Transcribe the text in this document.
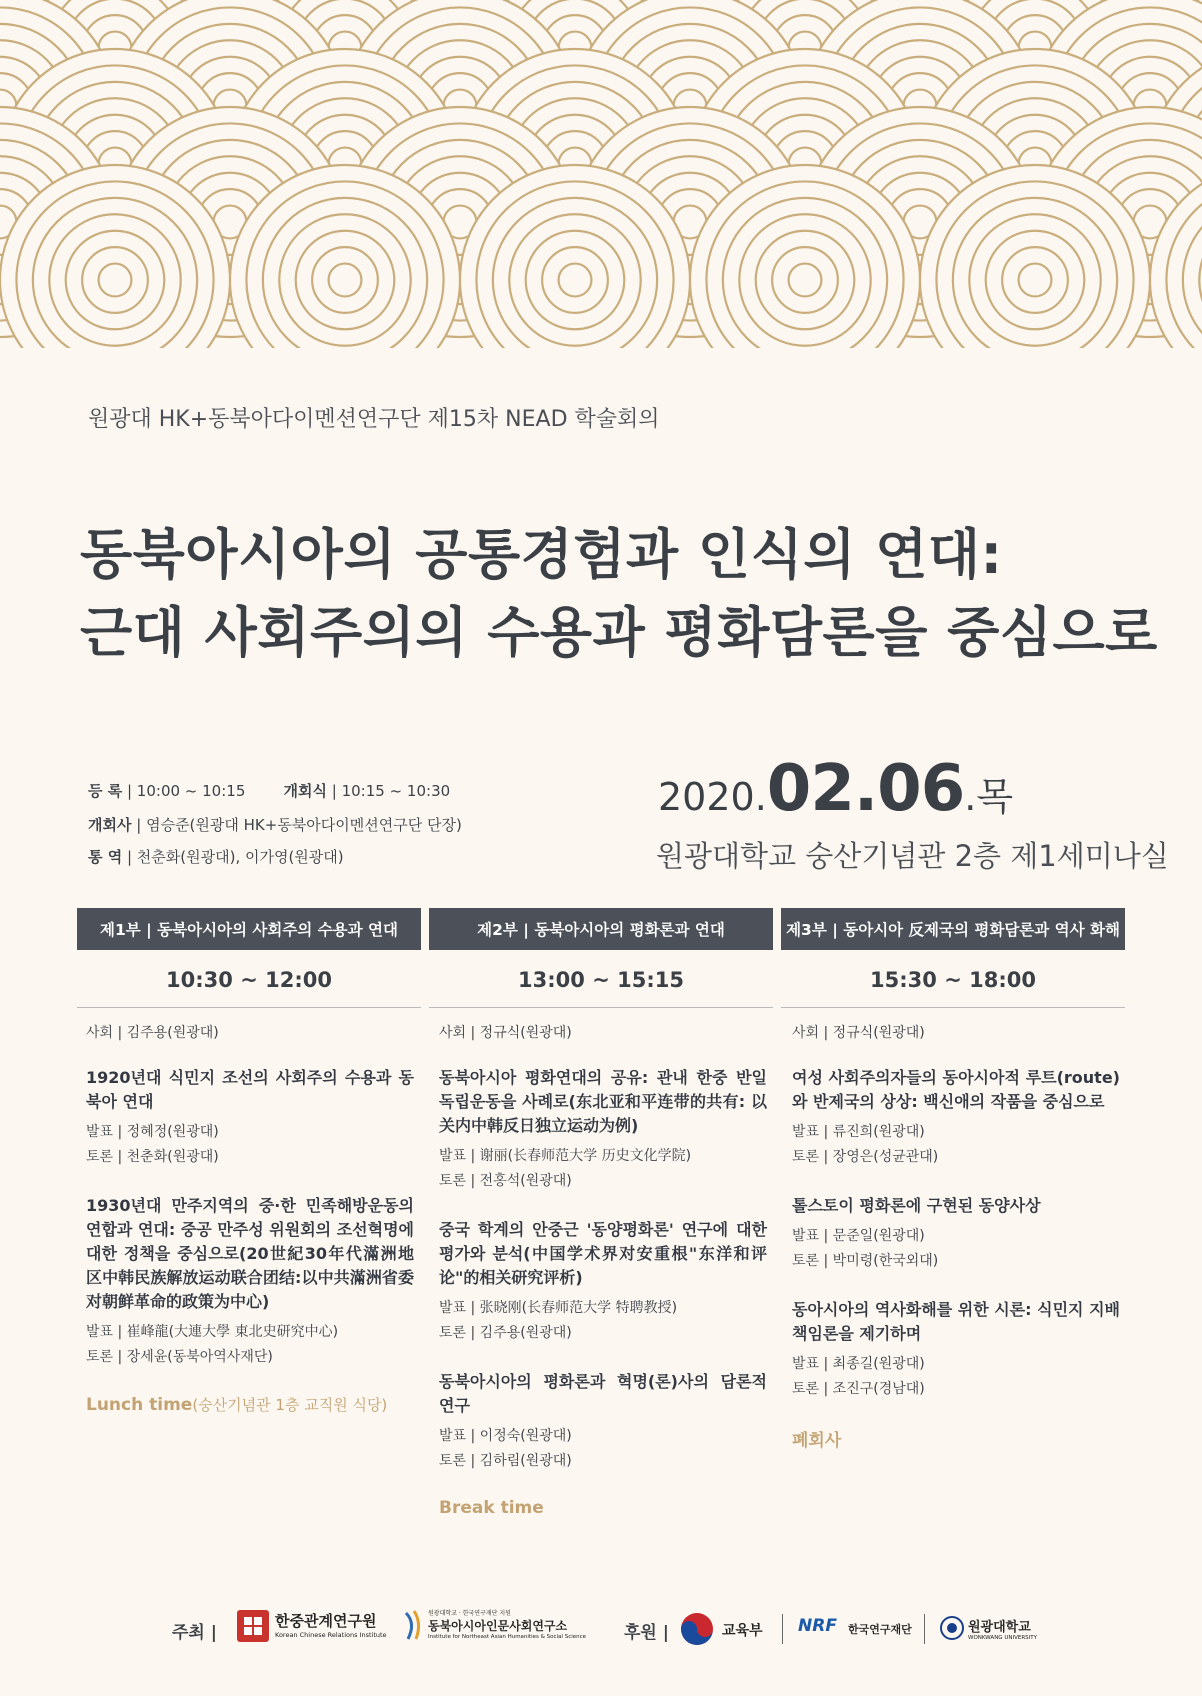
원광대 HK+동북아다이멘션연구단 제15차 NEAD 학술회의
동북아시아의 공통경험과 인식의 연대:
근대 사회주의의 수용과 평화담론을 중심으로
등 록 | 10:00 ~ 10:15	개회식 | 10:15 ~ 10:30
개회사 | 염승준(원광대 HK+동북아다이멘션연구단 단장)
통 역 | 천춘화(원광대), 이가영(원광대)
2020.02.06.목
원광대학교 숭산기념관 2층 제1세미나실
제1부 | 동북아시아의 사회주의 수용과 연대	제2부 | 동북아시아의 평화론과 연대	제3부 | 동아시아 反제국의 평화담론과 역사 화해
10:30 ~ 12:00	13:00 ~ 15:15	15:30 ~ 18:00
사회 | 김주용(원광대)
1920년대 식민지 조선의 사회주의 수용과 동북아 연대
발표 | 정혜정(원광대)
토론 | 천춘화(원광대)
1930년대 만주지역의 중·한 민족해방운동의 연합과 연대: 중공 만주성 위원회의 조선혁명에 대한 정책을 중심으로(20世紀30年代滿洲地区中韩民族解放运动联合团结:以中共滿洲省委对朝鲜革命的政策为中心)
발표 | 崔峰龍(大連大學 東北史研究中心)
토론 | 장세윤(동북아역사재단)
Lunch time(숭산기념관 1층 교직원 식당)
사회 | 정규식(원광대)
동북아시아 평화연대의 공유: 관내 한중 반일 독립운동을 사례로(东北亚和平连带的共有: 以关内中韩反日独立运动为例)
발표 | 谢丽(长春师范大学 历史文化学院)
토론 | 전홍석(원광대)
중국 학계의 안중근 '동양평화론' 연구에 대한 평가와 분석(中国学术界对安重根"东洋和评论"的相关研究评析)
발표 | 张晓刚(长春师范大学 特聘教授)
토론 | 김주용(원광대)
동북아시아의 평화론과 혁명(론)사의 담론적 연구
발표 | 이정숙(원광대)
토론 | 김하림(원광대)
Break time
사회 | 정규식(원광대)
여성 사회주의자들의 동아시아적 루트(route)와 반제국의 상상: 백신애의 작품을 중심으로
발표 | 류진희(원광대)
토론 | 장영은(성균관대)
톨스토이 평화론에 구현된 동양사상
발표 | 문준일(원광대)
토론 | 박미령(한국외대)
동아시아의 역사화해를 위한 시론: 식민지 지배 책임론을 제기하며
발표 | 최종길(원광대)
토론 | 조진구(경남대)
폐회사
주최 |
한중관계연구원
Korean Chinese Relations Institute
원광대학교 · 한국연구재단 지원
동북아시아인문사회연구소
Institute for Northeast Asian Humanities & Social Science 후원 |	교육부 NRF 한국연구재단	원광대학교
WONKWANG UNIVERSITY
